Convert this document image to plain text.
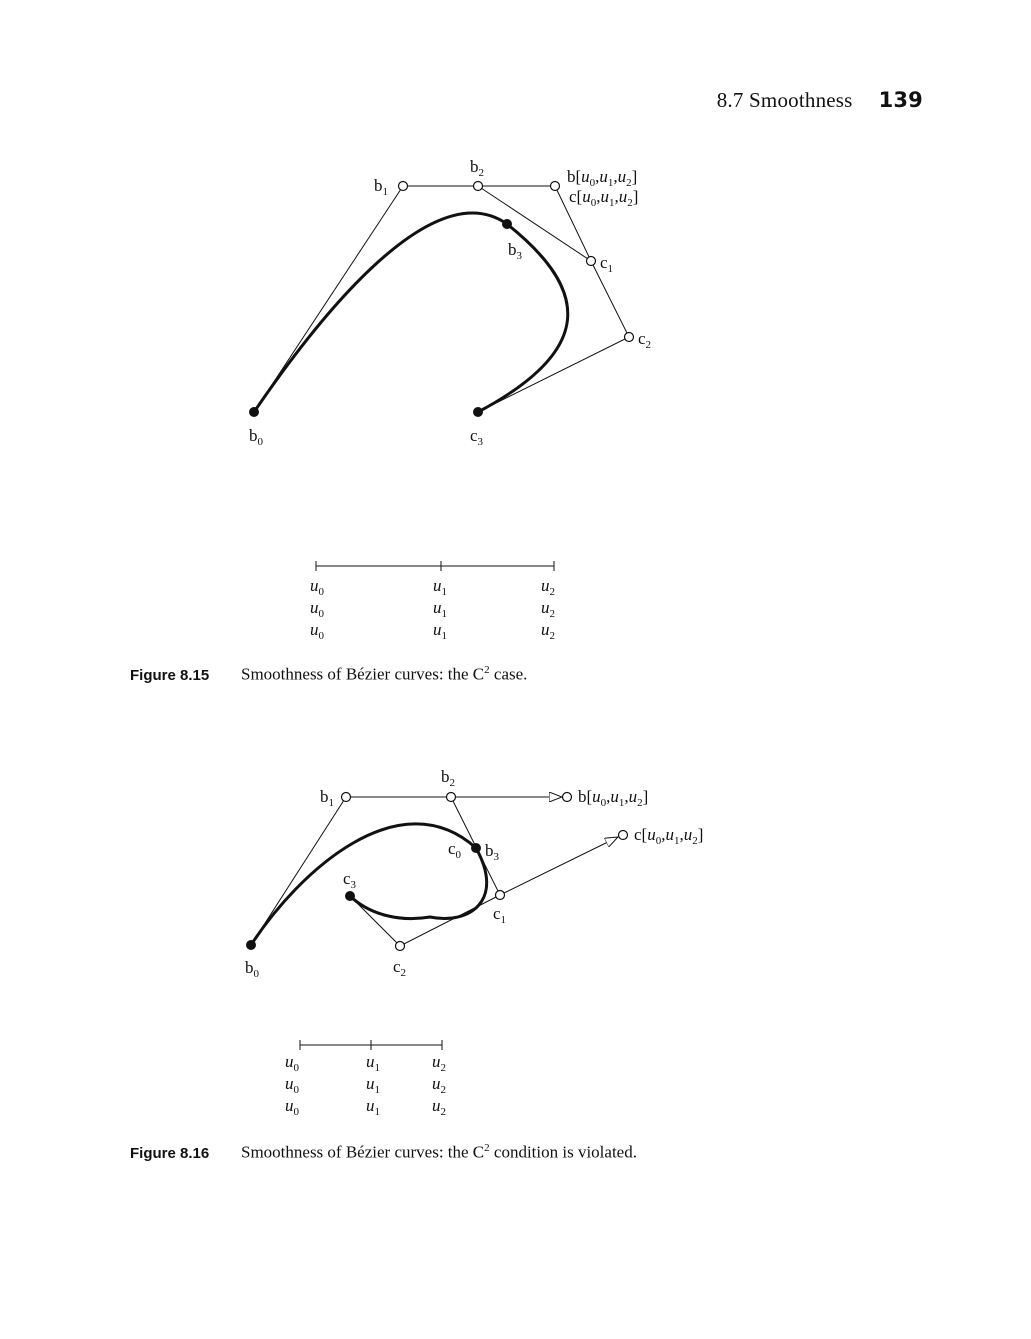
8.7 Smoothness 139
$b_1$
$b_2$
$b_3$
$b_0$
$c_1$
$c_2$
$c_3$
$b[u_0,u_1,u_2]$
$c[u_0,u_1,u_2]$
$u_0$	$u_1$	$u_2$
$u_0$	$u_1$	$u_2$
$u_0$	$u_1$	$u_2$
Figure 8.15 Smoothness of Bézier curves: the $C^2$ case.
$b_1$
$b_2$
$b_3$
$c_0$
$c_1$
$c_2$
$c_3$
$b_0$
$b[u_0,u_1,u_2]$
$c[u_0,u_1,u_2]$
$u_0$	$u_1$	$u_2$
$u_0$	$u_1$	$u_2$
$u_0$	$u_1$	$u_2$
Figure 8.16 Smoothness of Bézier curves: the $C^2$ condition is violated.
